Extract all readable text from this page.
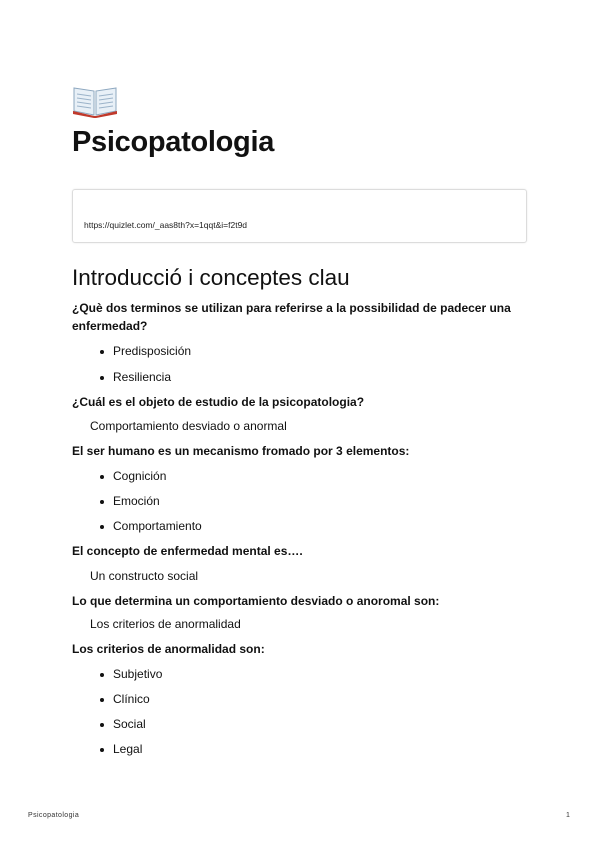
Psicopatologia
https://quizlet.com/_aas8th?x=1qqt&i=f2t9d
Introducció i conceptes clau
¿Què dos terminos se utilizan para referirse a la possibilidad de padecer una enfermedad?
Predisposición
Resiliencia
¿Cuál es el objeto de estudio de la psicopatologia?
Comportamiento desviado o anormal
El ser humano es un mecanismo fromado por 3 elementos:
Cognición
Emoción
Comportamiento
El concepto de enfermedad mental es….
Un constructo social
Lo que determina un comportamiento desviado o anoromal son:
Los criterios de anormalidad
Los criterios de anormalidad son:
Subjetivo
Clínico
Social
Legal
Psicopatologia	1
